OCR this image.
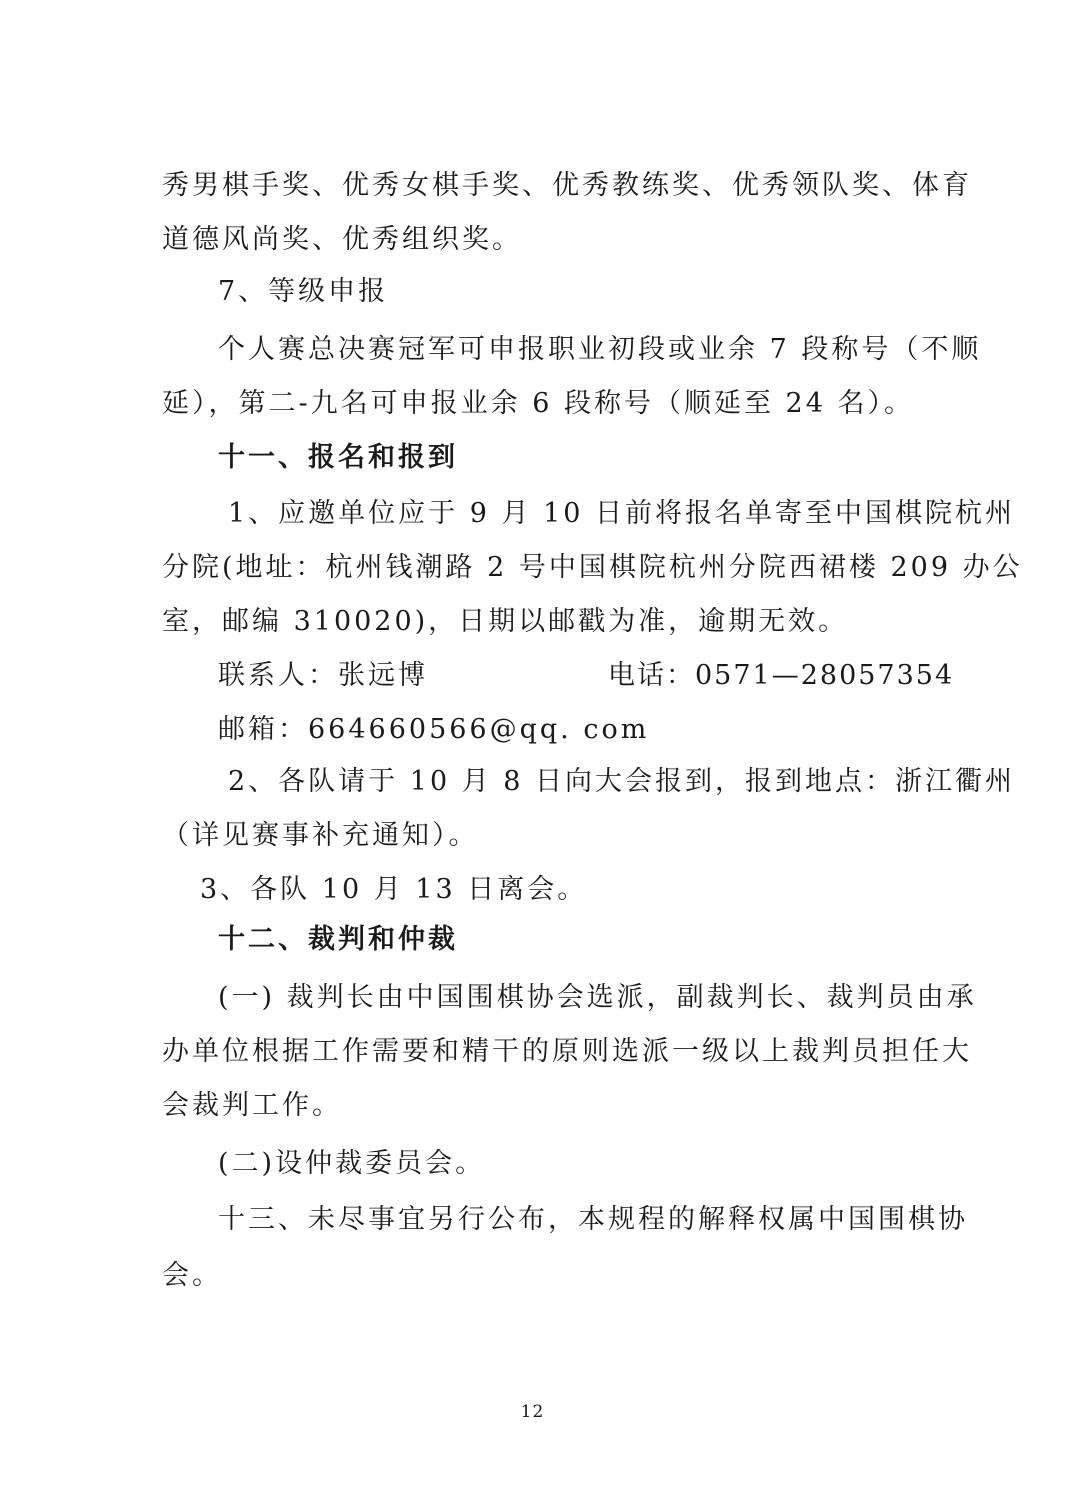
秀男棋手奖、优秀女棋手奖、优秀教练奖、优秀领队奖、体育
道德风尚奖、优秀组织奖。
7、等级申报
个人赛总决赛冠军可申报职业初段或业余 7 段称号（不顺
延），第二-九名可申报业余 6 段称号（顺延至 24 名）。
十一、报名和报到
1、应邀单位应于 9 月 10 日前将报名单寄至中国棋院杭州
分院(地址：杭州钱潮路 2 号中国棋院杭州分院西裙楼 209 办公
室，邮编 310020)，日期以邮戳为准，逾期无效。
联系人：张远博	电话：0571—28057354
邮箱：664660566@qq. com
2、各队请于 10 月 8 日向大会报到，报到地点：浙江衢州
（详见赛事补充通知）。
3、各队 10 月 13 日离会。
十二、裁判和仲裁
(一) 裁判长由中国围棋协会选派，副裁判长、裁判员由承
办单位根据工作需要和精干的原则选派一级以上裁判员担任大
会裁判工作。
(二)设仲裁委员会。
十三、未尽事宜另行公布，本规程的解释权属中国围棋协
会。
12
